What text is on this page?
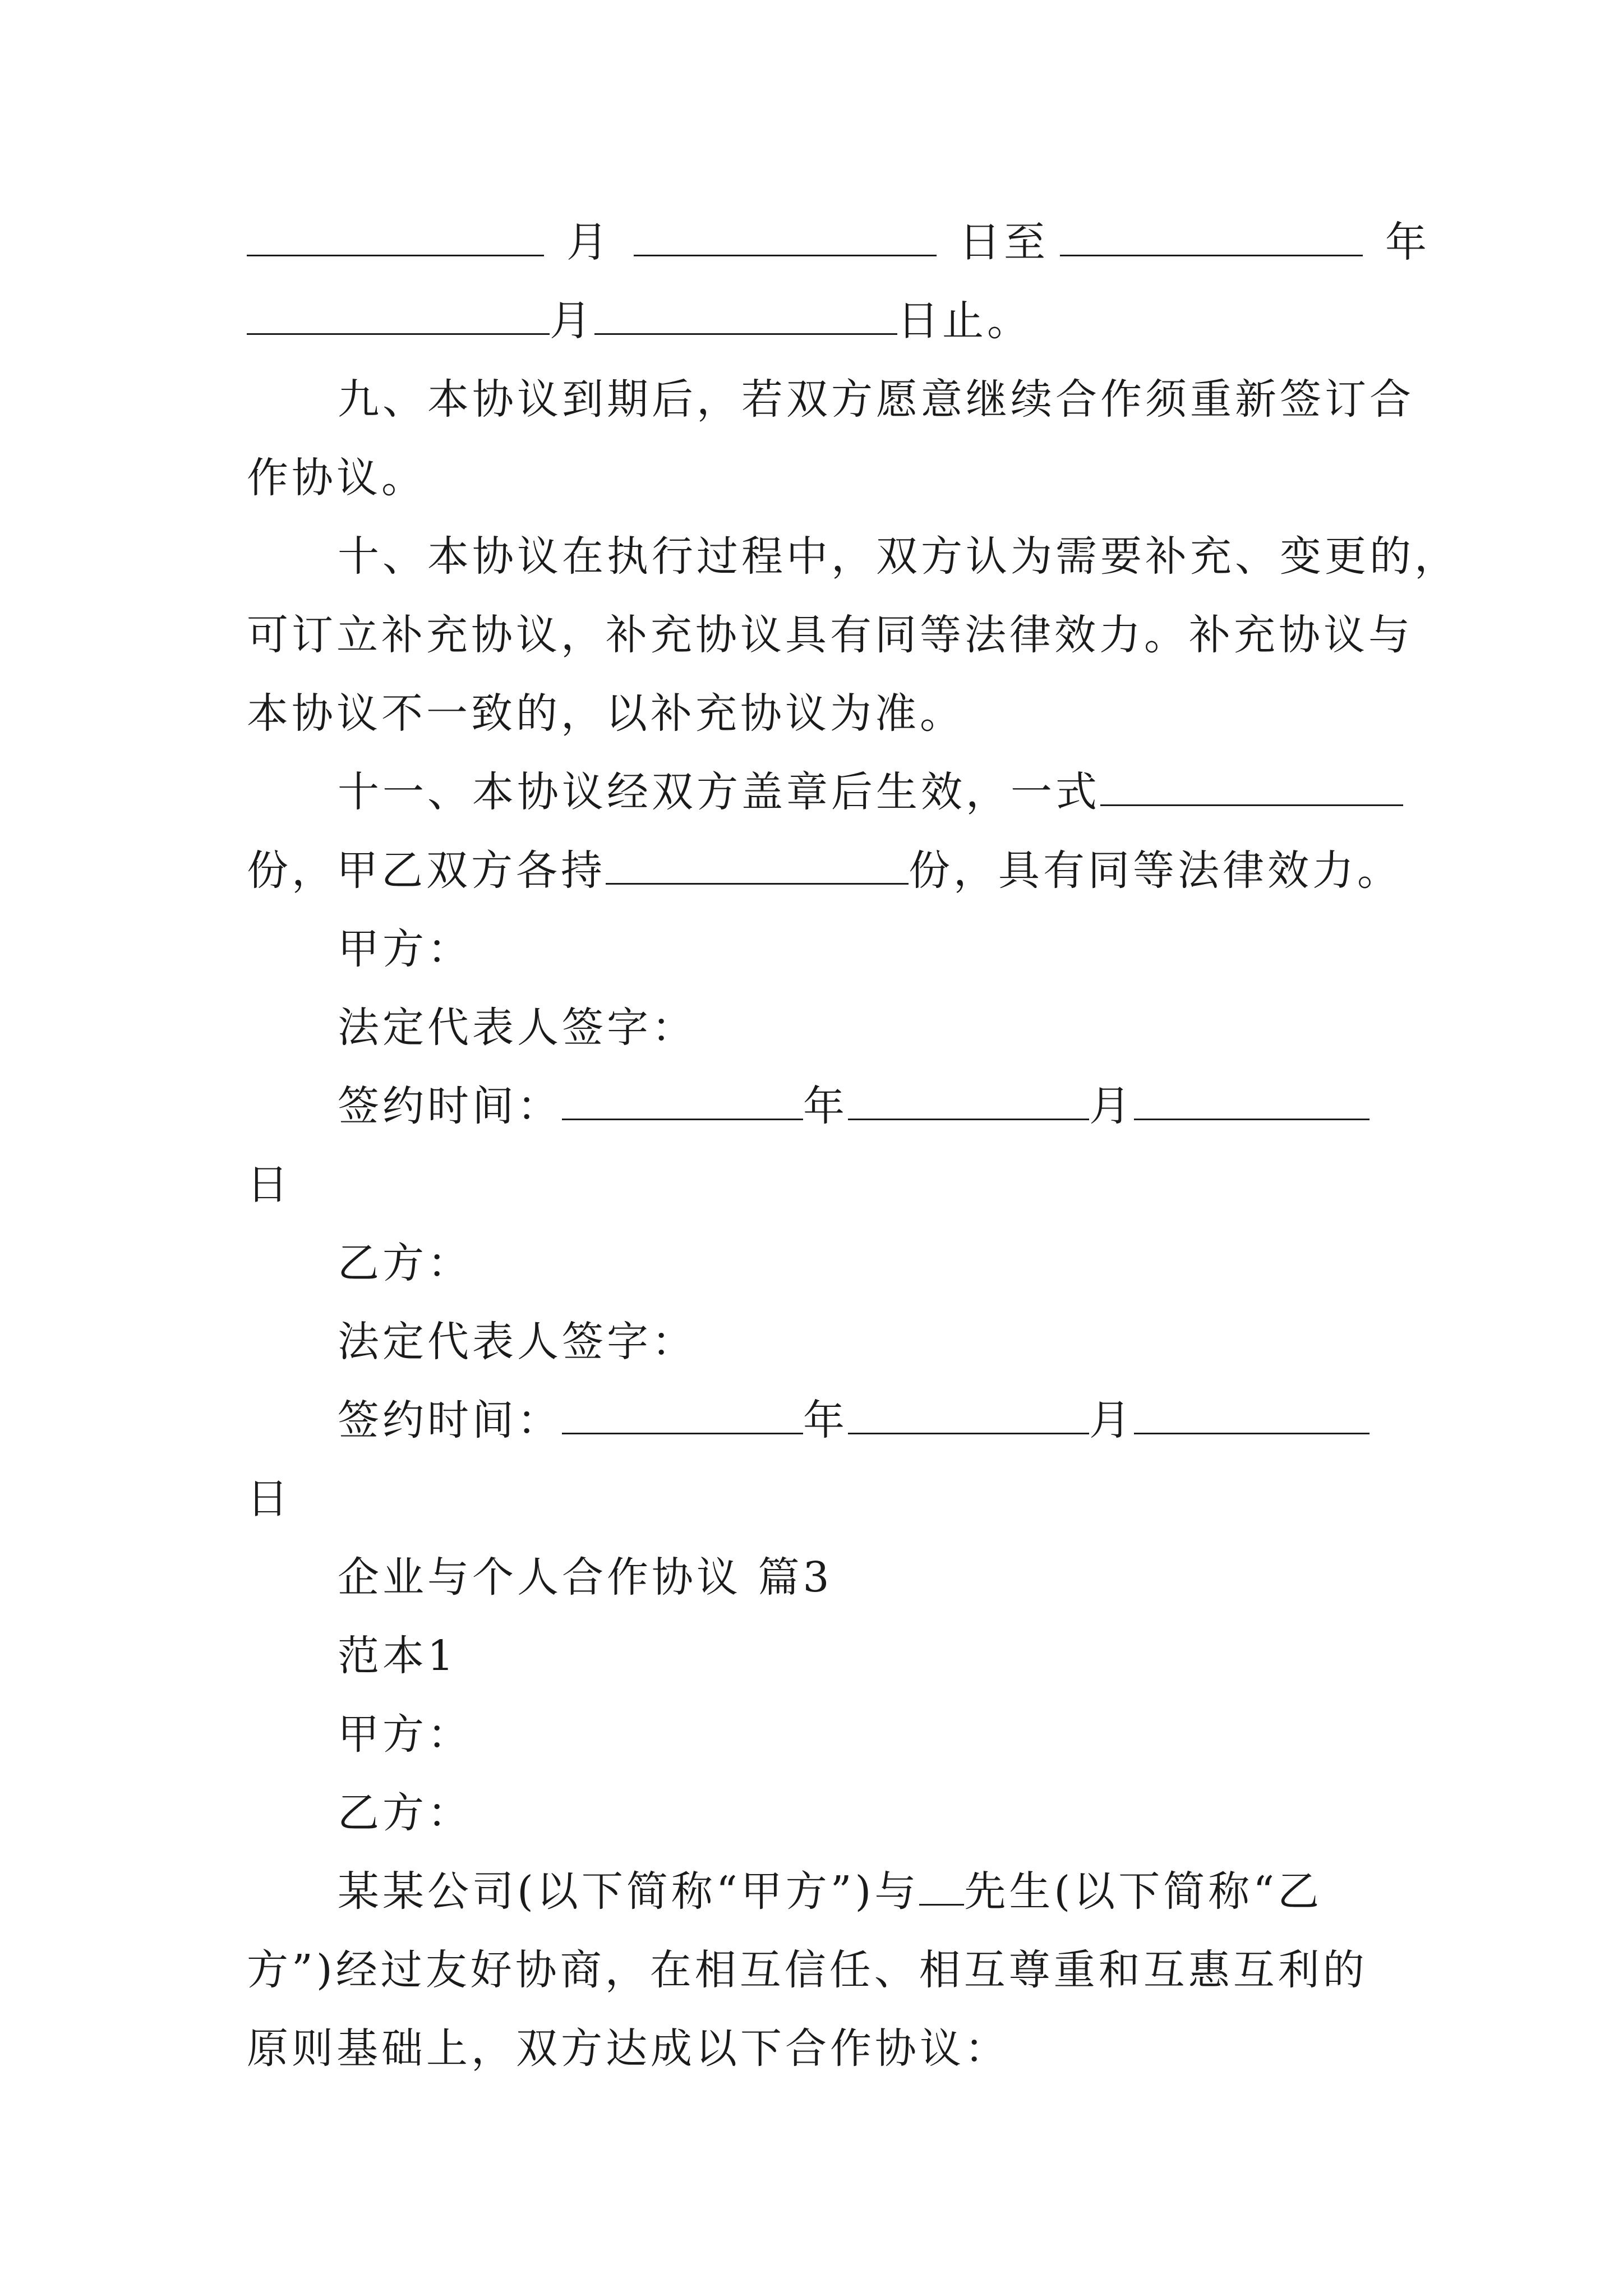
月	日至	年
月	日止。
九、本协议到期后，若双方愿意继续合作须重新签订合
作协议。
十、本协议在执行过程中，双方认为需要补充、变更的，
可订立补充协议，补充协议具有同等法律效力。补充协议与
本协议不一致的，以补充协议为准。
十一、本协议经双方盖章后生效，一式
份，甲乙双方各持	份，具有同等法律效力。
甲方：
法定代表人签字：
签约时间：	年	月
日
乙方：
法定代表人签字：
签约时间：	年	月
日
企业与个人合作协议 篇3
范本1
甲方：
乙方：
某某公司(以下简称“甲方”)与 先生(以下简称“乙
方”)经过友好协商，在相互信任、相互尊重和互惠互利的
原则基础上，双方达成以下合作协议：
